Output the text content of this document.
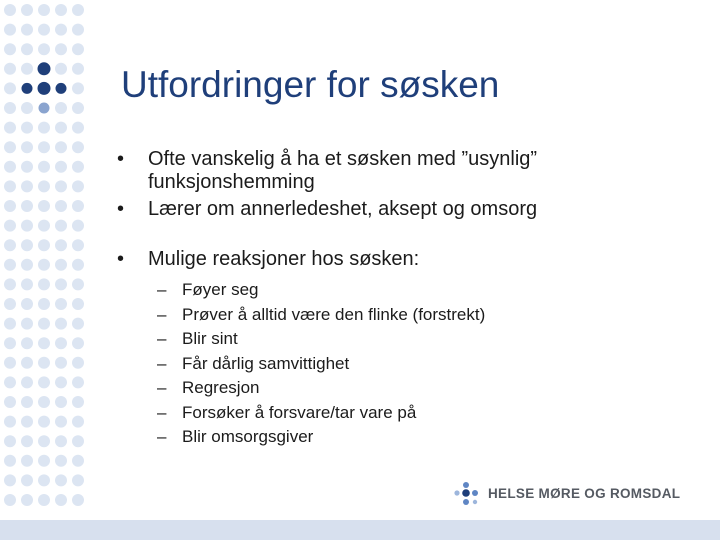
Utfordringer for søsken
• Ofte vanskelig å ha et søsken med ”usynlig” funksjonshemming
• Lærer om annerledeshet, aksept og omsorg
• Mulige reaksjoner hos søsken:
– Føyer seg
– Prøver å alltid være den flinke (forstrekt)
– Blir sint
– Får dårlig samvittighet
– Regresjon
– Forsøker å forsvare/tar vare på
– Blir omsorgsgiver
HELSE MØRE OG ROMSDAL
